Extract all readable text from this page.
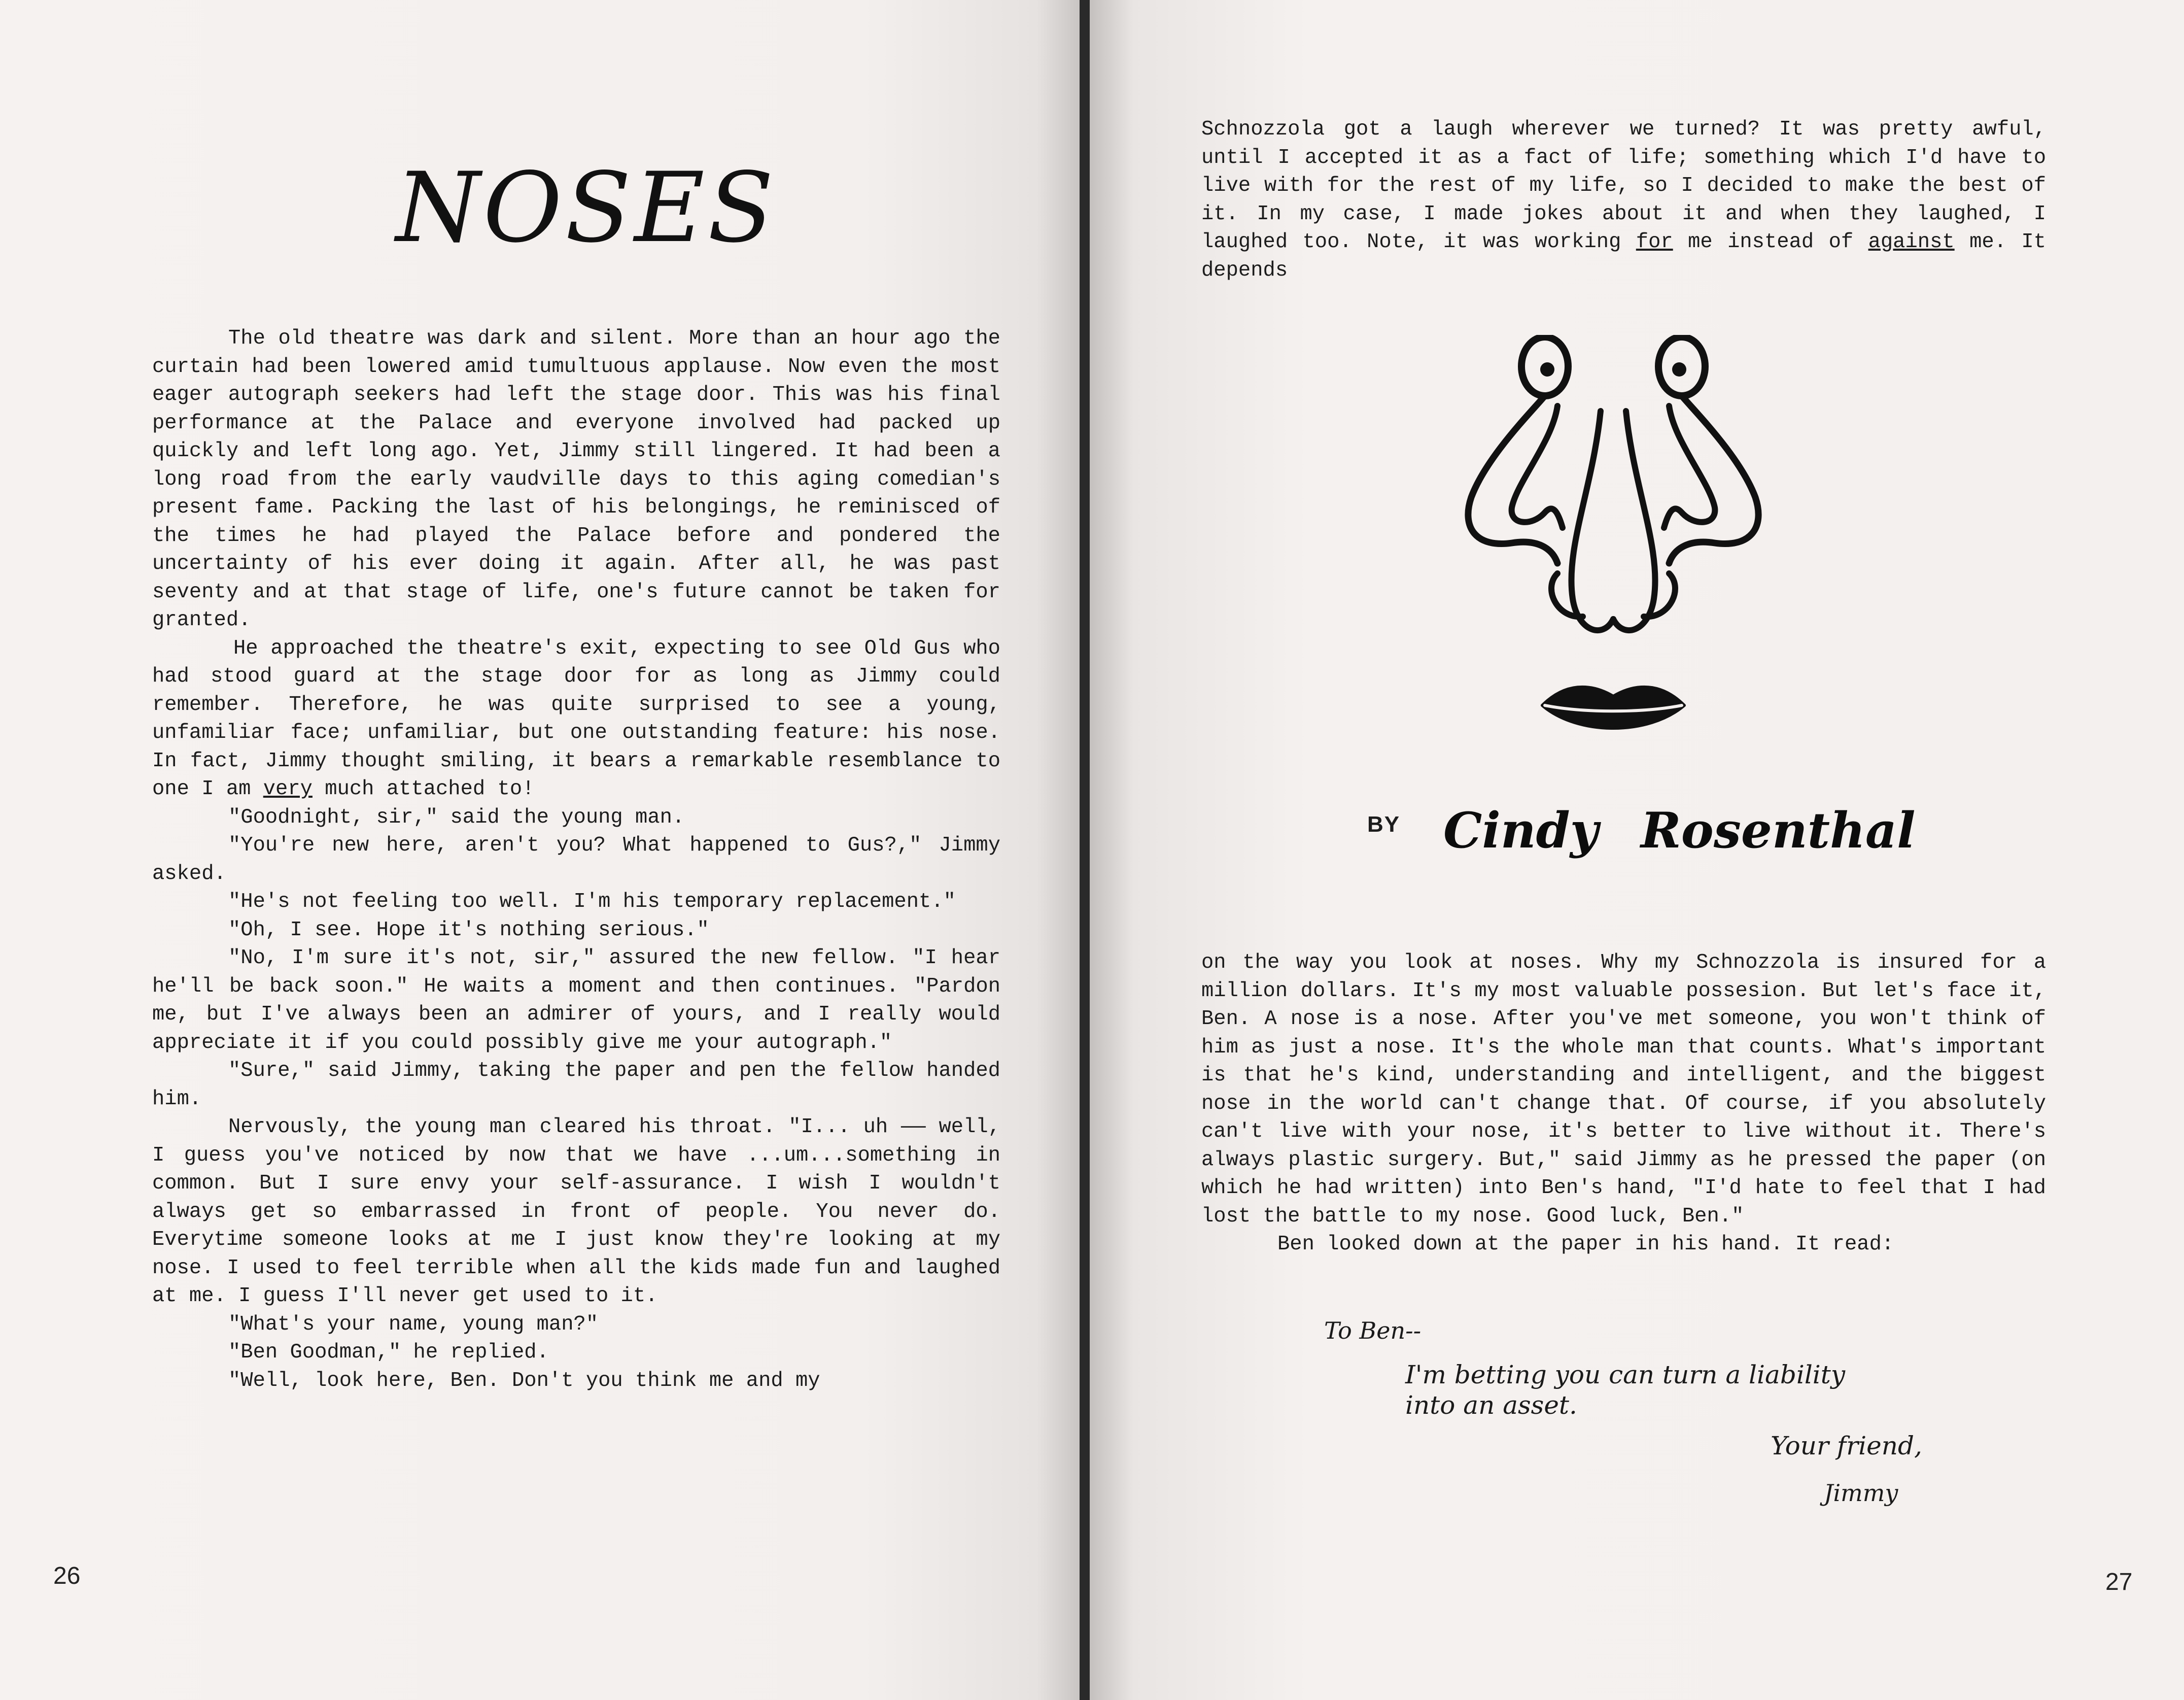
NOSES

The old theatre was dark and silent. More than an hour ago the curtain had been lowered amid tumultuous applause. Now even the most eager autograph seekers had left the stage door. This was his final performance at the Palace and everyone involved had packed up quickly and left long ago. Yet, Jimmy still lingered. It had been a long road from the early vaudville days to this aging comedian's present fame. Packing the last of his belongings, he reminisced of the times he had played the Palace before and pondered the uncertainty of his ever doing it again. After all, he was past seventy and at that stage of life, one's future cannot be taken for granted.

He approached the theatre's exit, expecting to see Old Gus who had stood guard at the stage door for as long as Jimmy could remember. Therefore, he was quite surprised to see a young, unfamiliar face; unfamiliar, but one outstanding feature: his nose. In fact, Jimmy thought smiling, it bears a remarkable resemblance to one I am very much attached to!

"Goodnight, sir," said the young man.

"You're new here, aren't you? What happened to Gus?," Jimmy asked.

"He's not feeling too well. I'm his temporary replacement."

"Oh, I see. Hope it's nothing serious."

"No, I'm sure it's not, sir," assured the new fellow. "I hear he'll be back soon." He waits a moment and then continues. "Pardon me, but I've always been an admirer of yours, and I really would appreciate it if you could possibly give me your autograph."

"Sure," said Jimmy, taking the paper and pen the fellow handed him.

Nervously, the young man cleared his throat. "I... uh —— well, I guess you've noticed by now that we have ...um...something in common. But I sure envy your self-assurance. I wish I wouldn't always get so embarrassed in front of people. You never do. Everytime someone looks at me I just know they're looking at my nose. I used to feel terrible when all the kids made fun and laughed at me. I guess I'll never get used to it.

"What's your name, young man?"

"Ben Goodman," he replied.

"Well, look here, Ben. Don't you think me and my

26

Schnozzola got a laugh wherever we turned? It was pretty awful, until I accepted it as a fact of life; something which I'd have to live with for the rest of my life, so I decided to make the best of it. In my case, I made jokes about it and when they laughed, I laughed too. Note, it was working for me instead of against me. It depends

BY Cindy Rosenthal

on the way you look at noses. Why my Schnozzola is insured for a million dollars. It's my most valuable possesion. But let's face it, Ben. A nose is a nose. After you've met someone, you won't think of him as just a nose. It's the whole man that counts. What's important is that he's kind, understanding and intelligent, and the biggest nose in the world can't change that. Of course, if you absolutely can't live with your nose, it's better to live without it. There's always plastic surgery. But," said Jimmy as he pressed the paper (on which he had written) into Ben's hand, "I'd hate to feel that I had lost the battle to my nose. Good luck, Ben."

Ben looked down at the paper in his hand. It read:

To Ben--
I'm betting you can turn a liability
into an asset.
Your friend,
Jimmy
27
